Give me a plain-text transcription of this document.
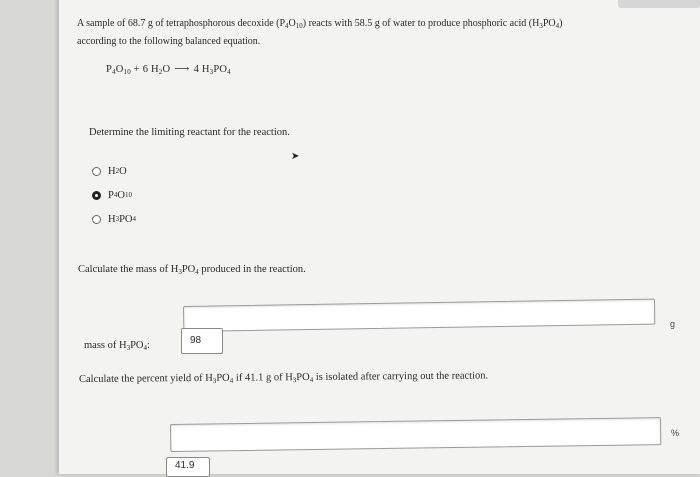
A sample of 68.7 g of tetraphosphorous decoxide $(P_4O_{10})$ reacts with 58.5 g of water to produce phosphoric acid $(H_3PO_4)$
according to the following balanced equation.
$P_4O_{10} + 6$ $H_2O$ ⟶ 4 $H_3PO_4$
Determine the limiting reactant for the reaction.
➤
H 2 O
P 4 O 10
H 3 PO 4
Calculate the mass of $H_3PO_4$ produced in the reaction.
mass of $H_3PO_4$:	98
g
Calculate the percent yield of $H_3PO_4$ if 41.1 g of $H_3PO_4$ is isolated after carrying out the reaction.
41.9
%
